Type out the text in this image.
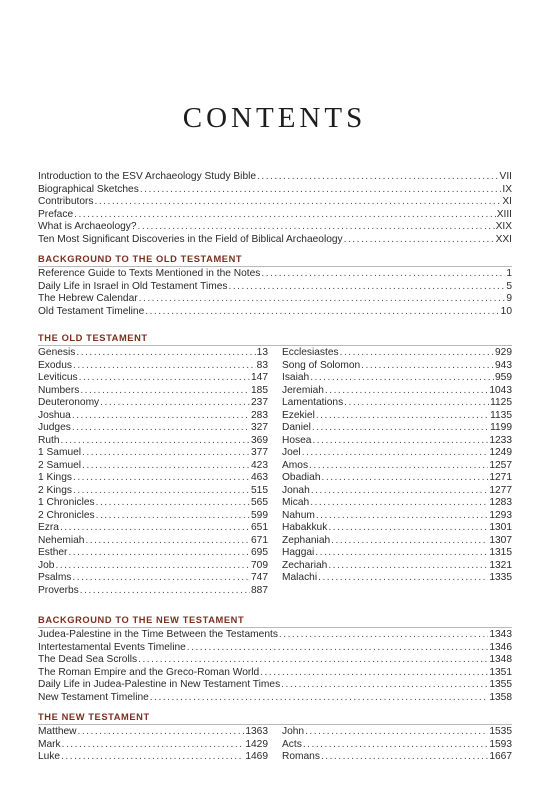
CONTENTS
Introduction to the ESV Archaeology Study Bible .....	VII
Biographical Sketches .....	IX
Contributors .....	XI
Preface .....	XIII
What is Archaeology? .....	XIX
Ten Most Significant Discoveries in the Field of Biblical Archaeology .....	XXI
BACKGROUND TO THE OLD TESTAMENT
Reference Guide to Texts Mentioned in the Notes .....	1
Daily Life in Israel in Old Testament Times .....	5
The Hebrew Calendar .....	9
Old Testament Timeline .....	10
THE OLD TESTAMENT
Genesis .....	13
Exodus .....	83
Leviticus .....	147
Numbers .....	185
Deuteronomy .....	237
Joshua .....	283
Judges .....	327
Ruth .....	369
1 Samuel .....	377
2 Samuel .....	423
1 Kings .....	463
2 Kings .....	515
1 Chronicles .....	565
2 Chronicles .....	599
Ezra .....	651
Nehemiah .....	671
Esther .....	695
Job .....	709
Psalms .....	747
Proverbs .....	887
Ecclesiastes .....	929
Song of Solomon .....	943
Isaiah .....	959
Jeremiah .....	1043
Lamentations .....	1125
Ezekiel .....	1135
Daniel .....	1199
Hosea .....	1233
Joel .....	1249
Amos .....	1257
Obadiah .....	1271
Jonah .....	1277
Micah .....	1283
Nahum .....	1293
Habakkuk .....	1301
Zephaniah .....	1307
Haggai .....	1315
Zechariah .....	1321
Malachi .....	1335
BACKGROUND TO THE NEW TESTAMENT
Judea-Palestine in the Time Between the Testaments .....	1343
Intertestamental Events Timeline .....	1346
The Dead Sea Scrolls .....	1348
The Roman Empire and the Greco-Roman World .....	1351
Daily Life in Judea-Palestine in New Testament Times .....	1355
New Testament Timeline .....	1358
THE NEW TESTAMENT
Matthew .....	1363
Mark .....	1429
Luke .....	1469
John .....	1535
Acts .....	1593
Romans .....	1667
